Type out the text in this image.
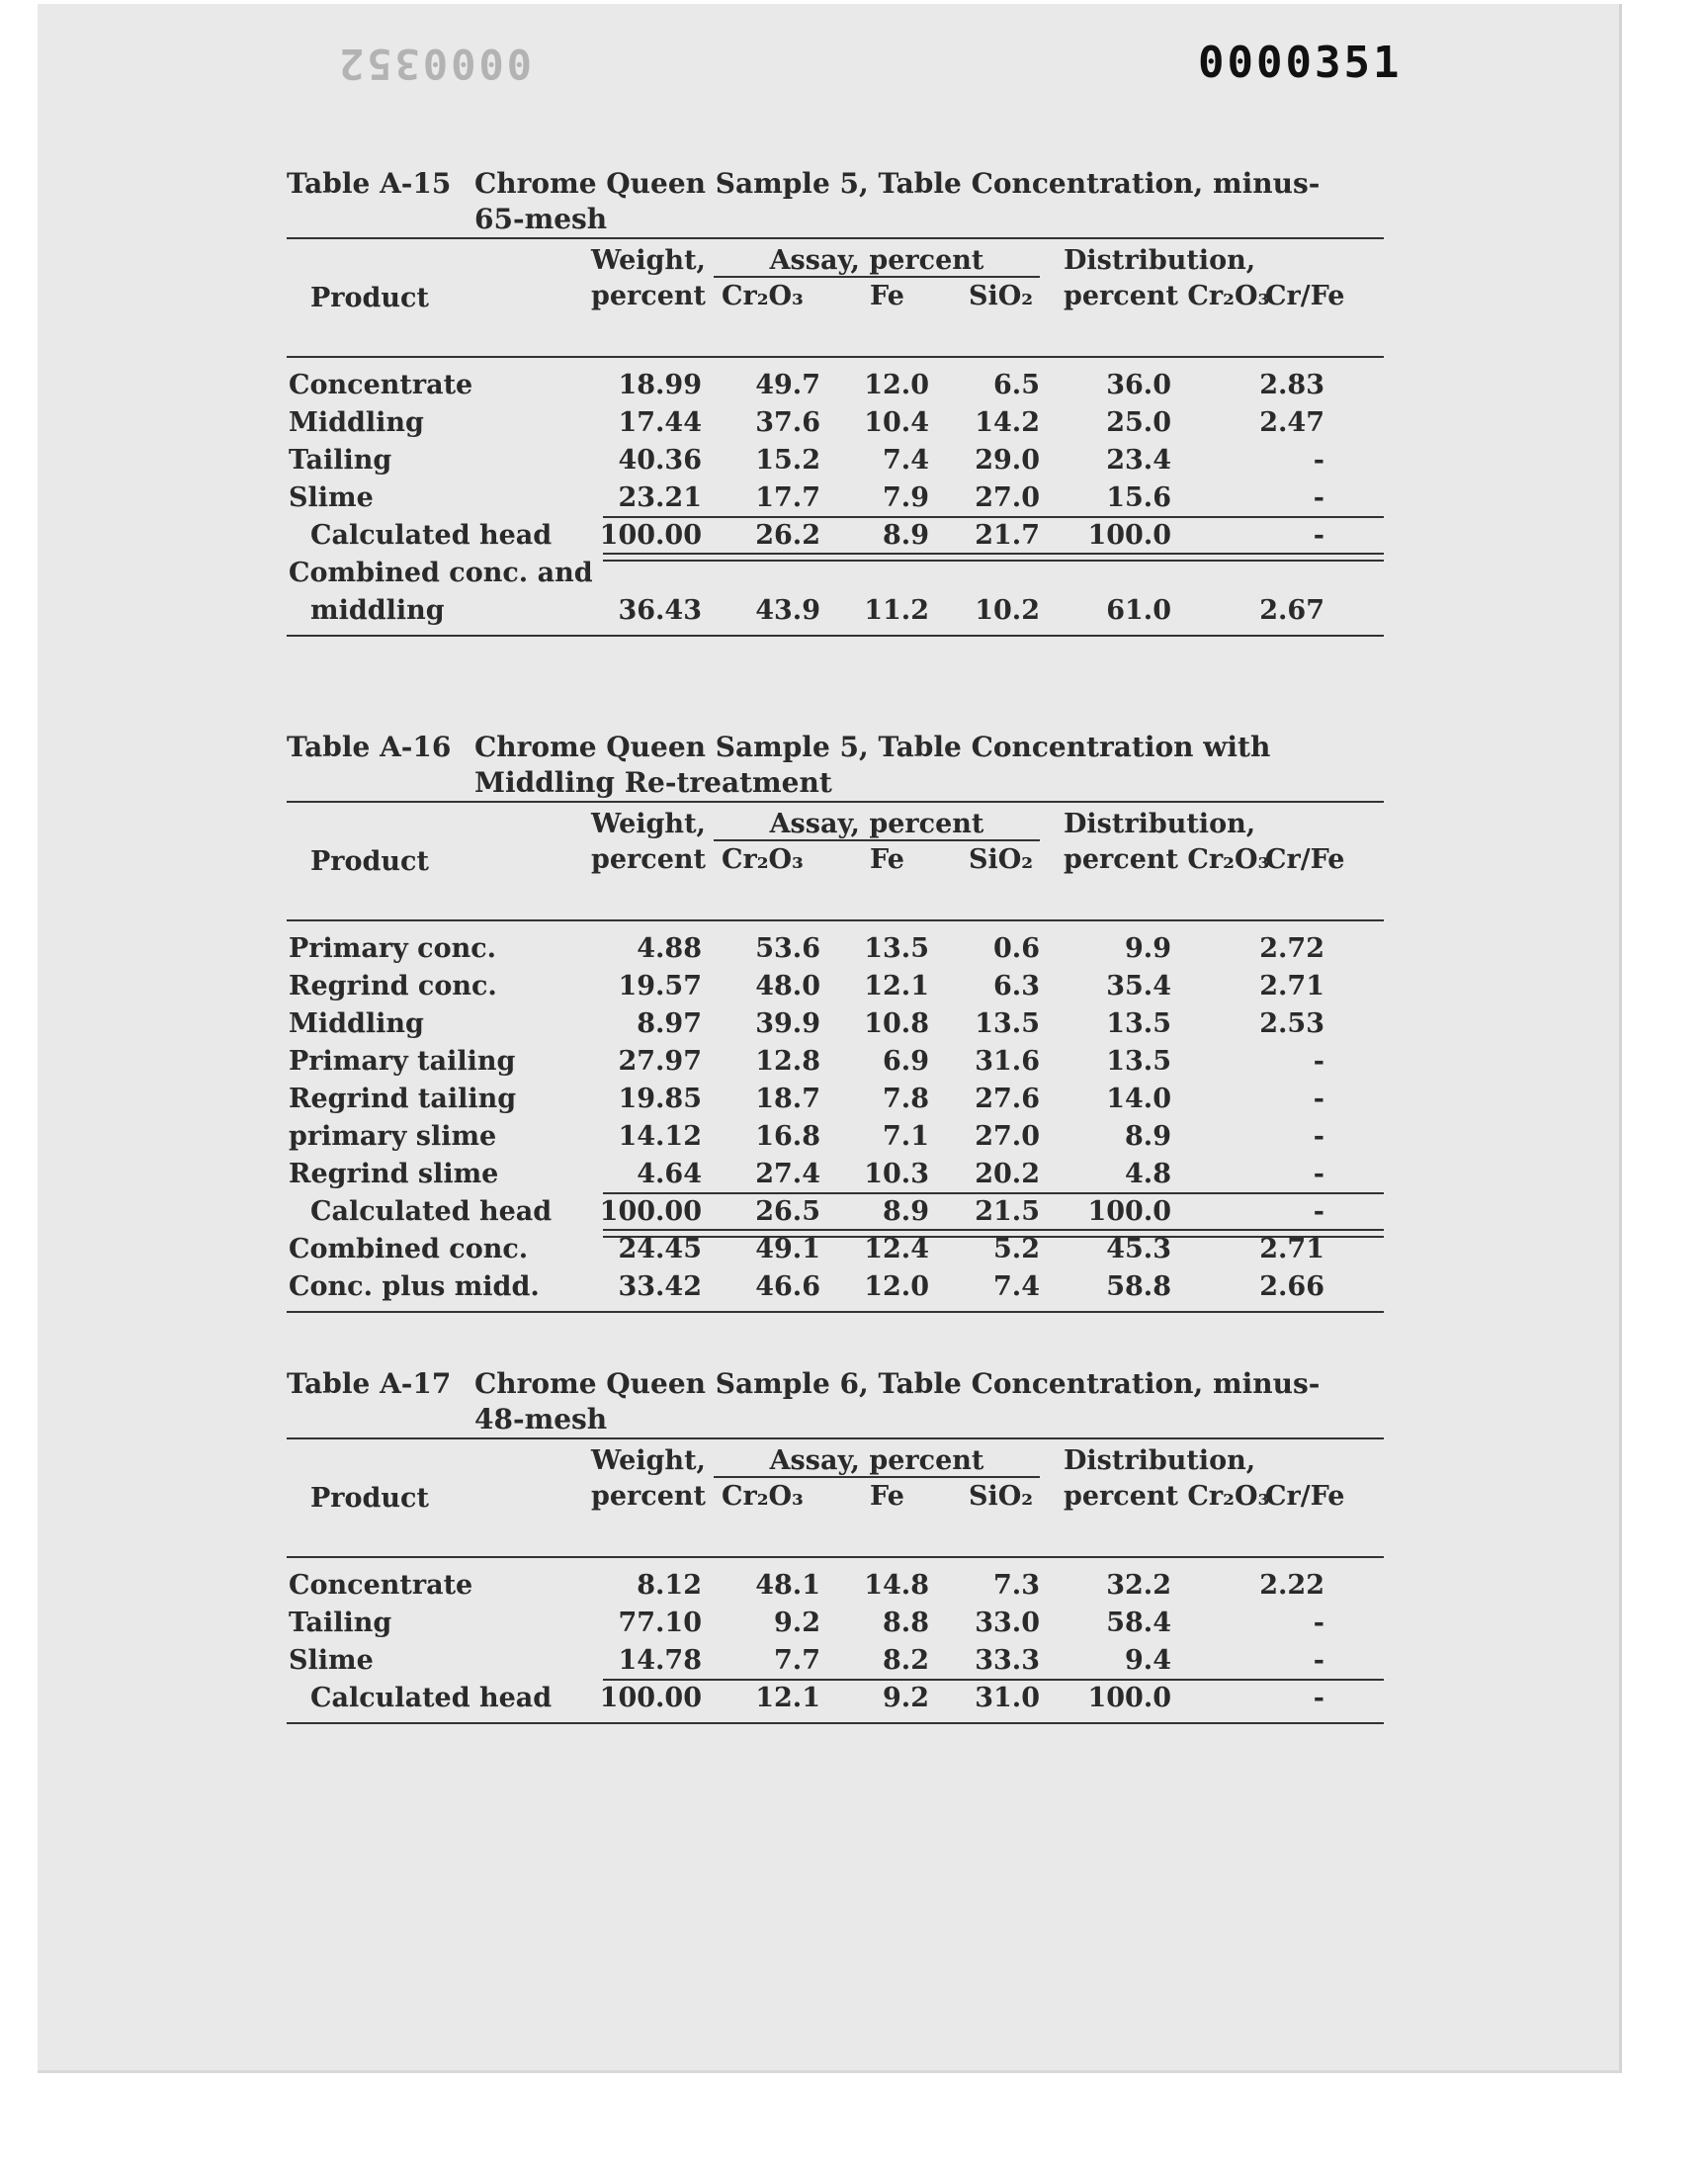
0000351
0000352
Table A-15 Chrome Queen Sample 5, Table Concentration, minus-65-mesh
Product
Weight,
percent
Assay, percent
Cr₂O₃ Fe SiO₂
Distribution,
percent Cr₂O₃
Cr/Fe
Concentrate	18.99 49.7 12.0 6.5 36.0	2.83
Middling	17.44 37.6 10.4 14.2 25.0	2.47
Tailing	40.36 15.2 7.4 29.0 23.4	-
Slime	23.21 17.7 7.9 27.0 15.6	-
Calculated head 100.00 26.2 8.9 21.7 100.0	-
Combined conc. and
middling	36.43 43.9 11.2 10.2 61.0	2.67
Table A-16 Chrome Queen Sample 5, Table Concentration with Middling Re-treatment
Product
Weight,
percent
Assay, percent
Cr₂O₃ Fe SiO₂
Distribution,
percent Cr₂O₃
Cr/Fe
Primary conc.	4.88 53.6 13.5 0.6	9.9	2.72
Regrind conc.	19.57 48.0 12.1 6.3 35.4	2.71
Middling	8.97 39.9 10.8 13.5 13.5	2.53
Primary tailing	27.97 12.8 6.9 31.6 13.5	-
Regrind tailing	19.85 18.7 7.8 27.6 14.0	-
primary slime	14.12 16.8 7.1 27.0	8.9	-
Regrind slime	4.64 27.4 10.3 20.2	4.8	-
Calculated head 100.00 26.5 8.9 21.5 100.0	-
Combined conc.	24.45 49.1 12.4 5.2 45.3	2.71
Conc. plus midd.	33.42 46.6 12.0 7.4 58.8	2.66
Table A-17 Chrome Queen Sample 6, Table Concentration, minus-48-mesh
Product
Weight,
percent
Assay, percent
Cr₂O₃ Fe SiO₂
Distribution,
percent Cr₂O₃
Cr/Fe
Concentrate	8.12 48.1 14.8 7.3 32.2	2.22
Tailing	77.10	9.2 8.8 33.0 58.4	-
Slime	14.78	7.7 8.2 33.3	9.4	-
Calculated head 100.00 12.1 9.2 31.0 100.0	-
